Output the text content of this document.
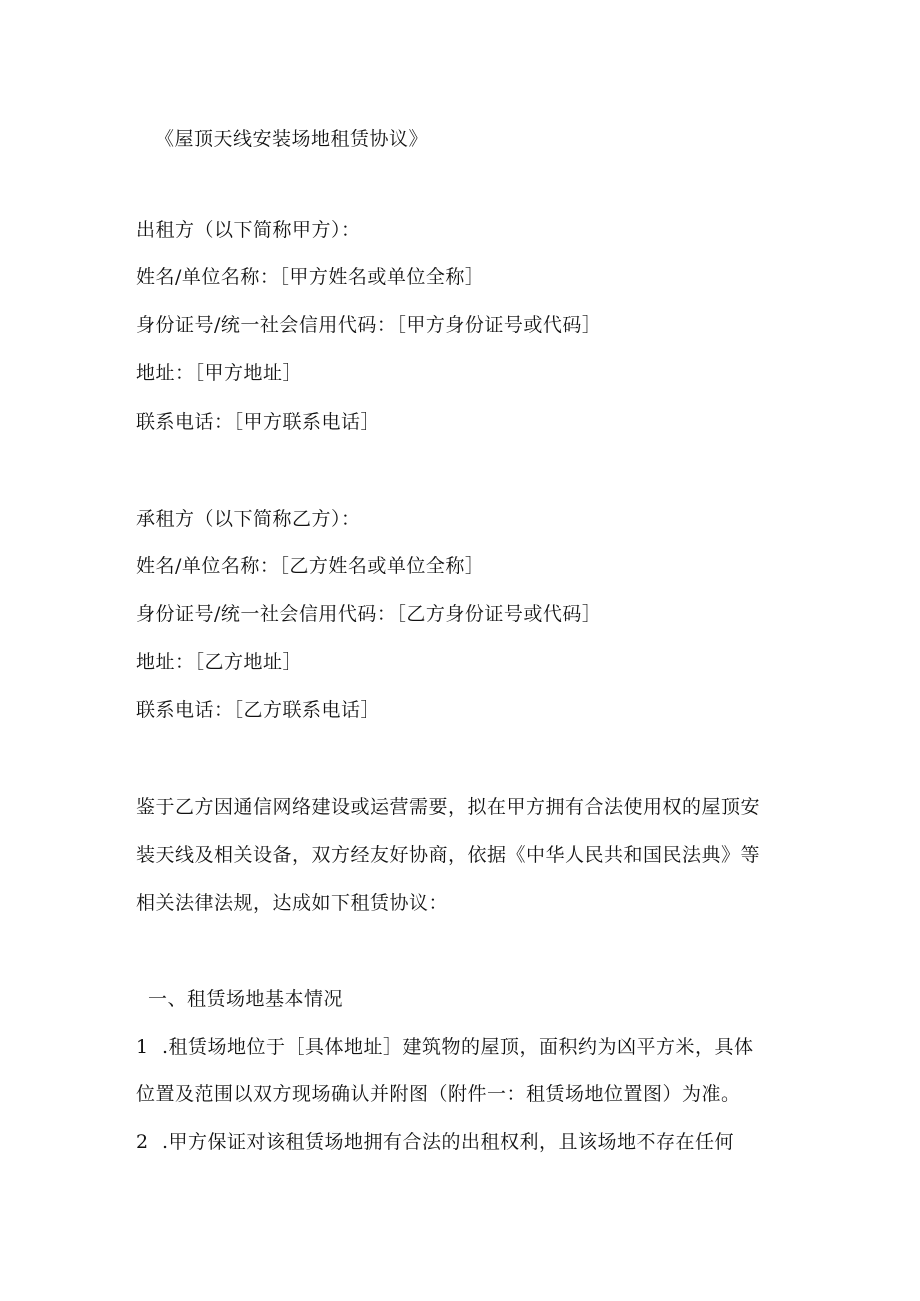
《屋顶天线安装场地租赁协议》
出租方（以下简称甲方）：
姓名/单位名称：［甲方姓名或单位全称］
身份证号/统一社会信用代码：［甲方身份证号或代码］
地址：［甲方地址］
联系电话：［甲方联系电话］
承租方（以下简称乙方）：
姓名/单位名称：［乙方姓名或单位全称］
身份证号/统一社会信用代码：［乙方身份证号或代码］
地址：［乙方地址］
联系电话：［乙方联系电话］
鉴于乙方因通信网络建设或运营需要，拟在甲方拥有合法使用权的屋顶安
装天线及相关设备，双方经友好协商，依据《中华人民共和国民法典》等
相关法律法规，达成如下租赁协议：
一、租赁场地基本情况
1 .租赁场地位于［具体地址］建筑物的屋顶，面积约为凶平方米，具体
位置及范围以双方现场确认并附图（附件一：租赁场地位置图）为准。
2 .甲方保证对该租赁场地拥有合法的出租权利，且该场地不存在任何
